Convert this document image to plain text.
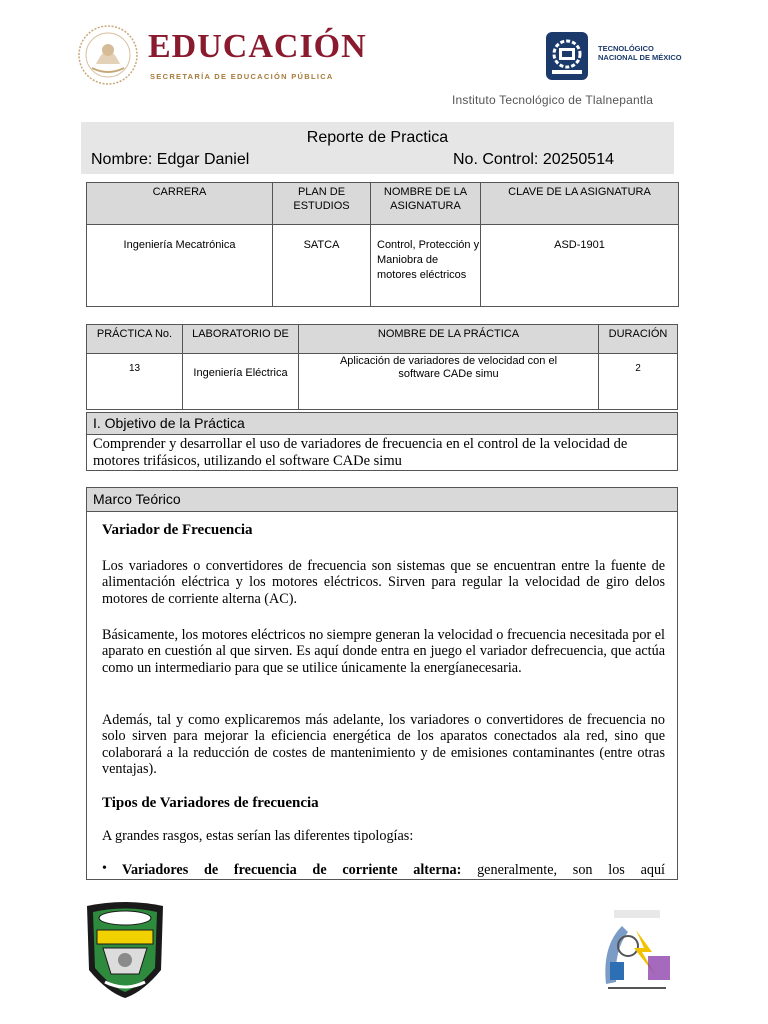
EDUCACIÓN
SECRETARÍA DE EDUCACIÓN PÚBLICA
TECNOLÓGICO
NACIONAL DE MÉXICO
Instituto Tecnológico de Tlalnepantla
Reporte de Practica
Nombre: Edgar Daniel	No. Control: 20250514
CARRERA	PLAN DE ESTUDIOS	NOMBRE DE LA ASIGNATURA	CLAVE DE LA ASIGNATURA
Ingeniería Mecatrónica	SATCA	Control, Protección y Maniobra de motores eléctricos	ASD-1901
PRÁCTICA No.	LABORATORIO DE	NOMBRE DE LA PRÁCTICA	DURACIÓN
13	Ingeniería Eléctrica	Aplicación de variadores de velocidad con el software CADe simu	2
I. Objetivo de la Práctica
Comprender y desarrollar el uso de variadores de frecuencia en el control de la velocidad de motores trifásicos, utilizando el software CADe simu
Marco Teórico
Variador de Frecuencia
Los variadores o convertidores de frecuencia son sistemas que se encuentran entre la fuente de alimentación eléctrica y los motores eléctricos. Sirven para regular la velocidad de giro delos motores de corriente alterna (AC).
Básicamente, los motores eléctricos no siempre generan la velocidad o frecuencia necesitada por el aparato en cuestión al que sirven. Es aquí donde entra en juego el variador defrecuencia, que actúa como un intermediario para que se utilice únicamente la energíanecesaria.
Además, tal y como explicaremos más adelante, los variadores o convertidores de frecuencia no solo sirven para mejorar la eficiencia energética de los aparatos conectados ala red, sino que colaborará a la reducción de costes de mantenimiento y de emisiones contaminantes (entre otras ventajas).
Tipos de Variadores de frecuencia
A grandes rasgos, estas serían las diferentes tipologías:
• Variadores de frecuencia de corriente alterna: generalmente, son los aquí
